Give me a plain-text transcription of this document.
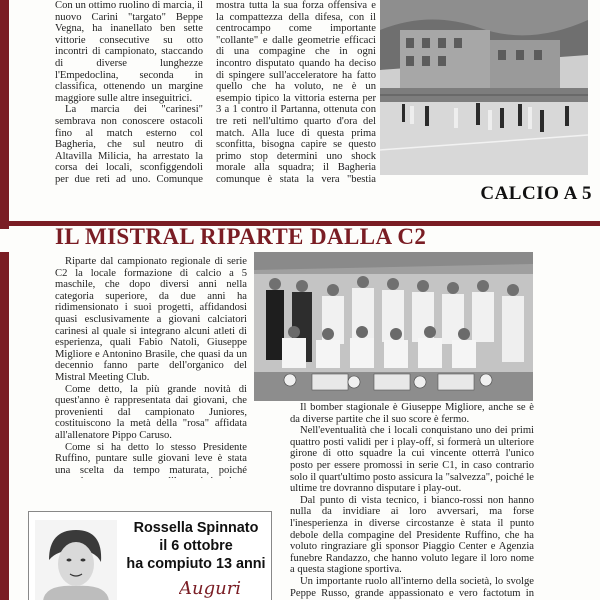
Con un ottimo ruolino di marcia, il nuovo Carini "targato" Beppe Vegna, ha inanellato ben sette vittorie consecutive su otto incontri di campionato, staccando di diverse lunghezze l'Empedoclina, seconda in classifica, ottenendo un margine maggiore sulle altre inseguitrici.

La marcia dei "carinesi" sembrava non conoscere ostacoli fino al match esterno col Bagheria, che sul neutro di Altavilla Milicia, ha arrestato la corsa dei locali, sconfiggendoli per due reti ad uno. Comunque

mostra tutta la sua forza offensiva e la compattezza della difesa, con il centrocampo come importante "collante" e dalle geometrie efficaci di una compagine che in ogni incontro disputato quando ha deciso di spingere sull'acceleratore ha fatto quello che ha voluto, ne è un esempio tipico la vittoria esterna per 3 a 1 contro il Partanna, ottenuta con tre reti nell'ultimo quarto d'ora del match. Alla luce di questa prima sconfitta, bisogna capire se questo primo stop determini uno shock morale alla squadra; il Bagheria comunque è stata la vera "bestia

CALCIO A 5
IL MISTRAL RIPARTE DALLA C2

Riparte dal campionato regionale di serie C2 la locale formazione di calcio a 5 maschile, che dopo diversi anni nella categoria superiore, da due anni ha ridimensionato i suoi progetti, affidandosi quasi esclusivamente a giovani calciatori carinesi al quale si integrano alcuni atleti di esperienza, quali Fabio Natoli, Giuseppe Migliore e Antonino Brasile, che quasi da un decennio fanno parte dell'organico del Mistral Meeting Club.

Come detto, la più grande novità di quest'anno è rappresentata dai giovani, che provenienti dal campionato Juniores, costituiscono la metà della "rosa" affidata all'allenatore Pippo Caruso.

Come si ha detto lo stesso Presidente Ruffino, puntare sulle giovani leve è stata una scelta da tempo maturata, poiché

Il bomber stagionale è Giuseppe Migliore, anche se è da diverse partite che il suo score è fermo.

Nell'eventualità che i locali conquistano uno dei primi quattro posti validi per i play-off, si formerà un ulteriore girone di otto squadre la cui vincente otterrà l'unico posto per essere promossi in serie C1, in caso contrario solo il quart'ultimo posto assicura la "salvezza", poiché le ultime tre dovranno disputare i play-out.

Dal punto di vista tecnico, i bianco-rossi non hanno nulla da invidiare ai loro avversari, ma forse l'inesperienza in diverse circostanze è stata il punto debole della compagine del Presidente Ruffino, che ha voluto ringraziare gli sponsor Piaggio Center e Agenzia funebre Randazzo, che hanno voluto legare il loro nome a questa stagione sportiva.

Un importante ruolo all'interno della società, lo svolge Peppe Russo, grande appassionato e vero factotum in

Rossella Spinnato
il 6 ottobre
ha compiuto 13 anni
Auguri
